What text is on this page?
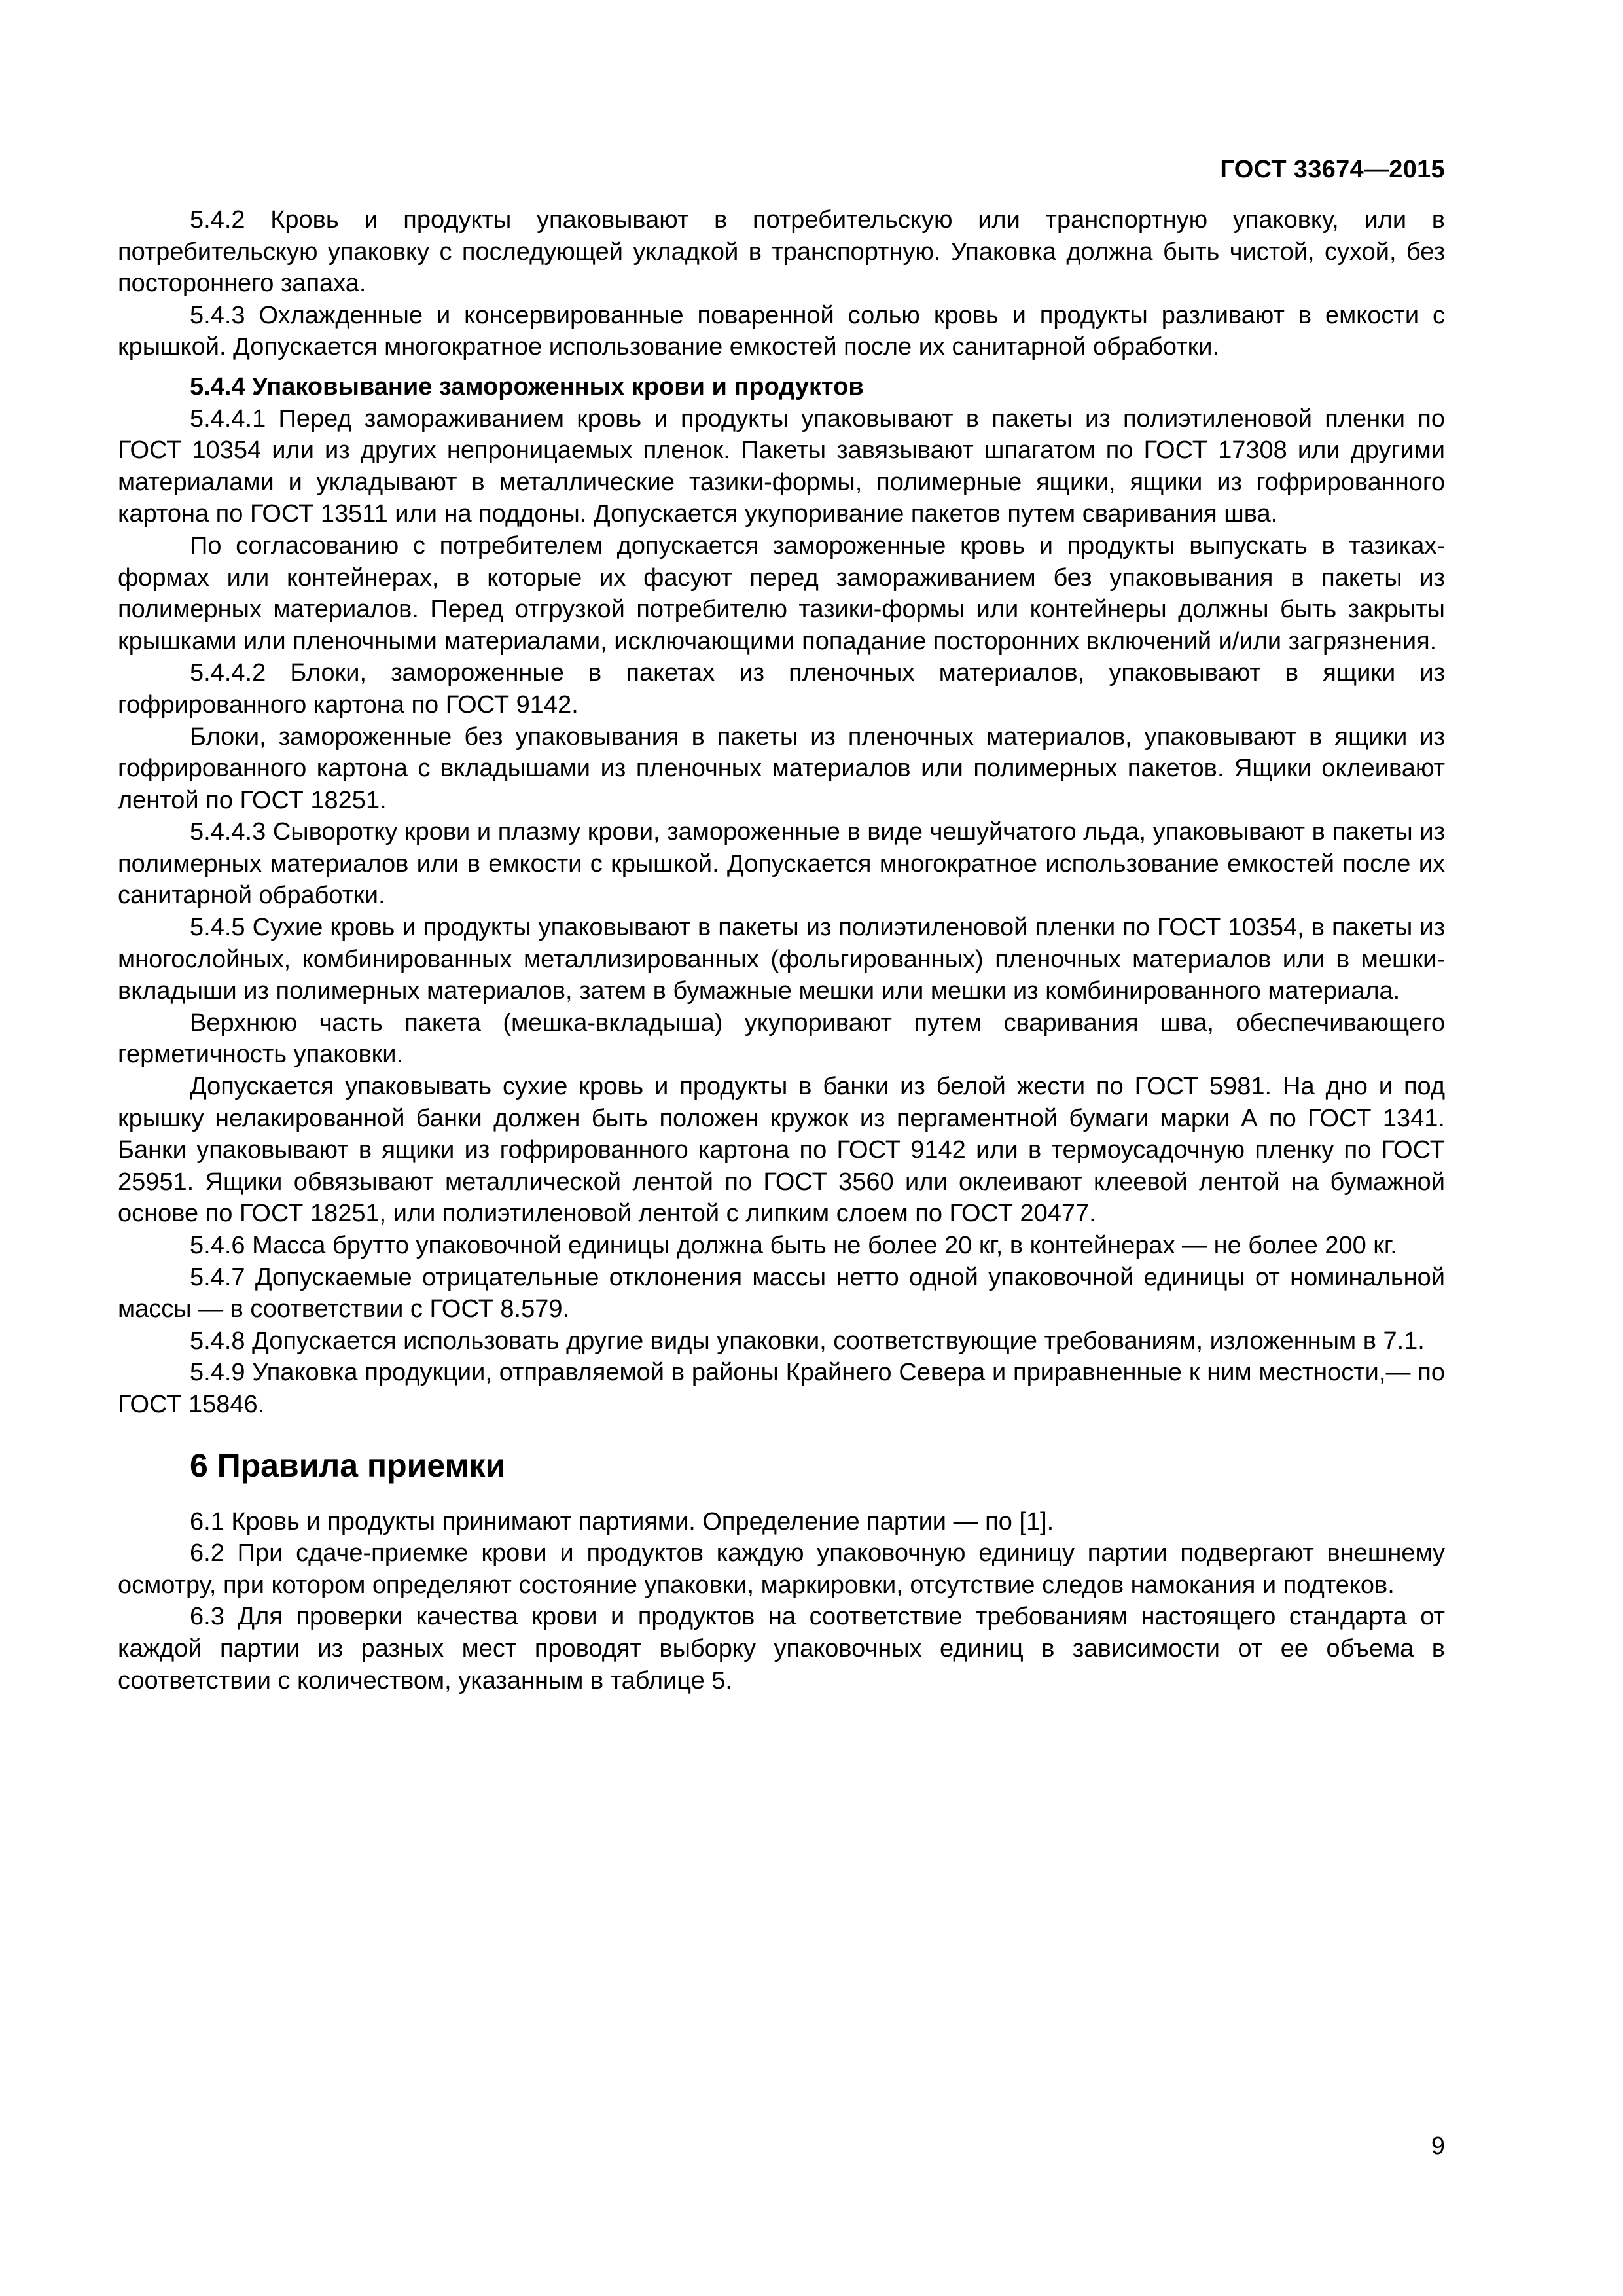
ГОСТ 33674—2015

5.4.2 Кровь и продукты упаковывают в потребительскую или транспортную упаковку, или в потребительскую упаковку с последующей укладкой в транспортную. Упаковка должна быть чистой, сухой, без постороннего запаха.

5.4.3 Охлажденные и консервированные поваренной солью кровь и продукты разливают в емкости с крышкой. Допускается многократное использование емкостей после их санитарной обработки.

5.4.4 Упаковывание замороженных крови и продуктов

5.4.4.1 Перед замораживанием кровь и продукты упаковывают в пакеты из полиэтиленовой пленки по ГОСТ 10354 или из других непроницаемых пленок. Пакеты завязывают шпагатом по ГОСТ 17308 или другими материалами и укладывают в металлические тазики-формы, полимерные ящики, ящики из гофрированного картона по ГОСТ 13511 или на поддоны. Допускается укупоривание пакетов путем сваривания шва.

По согласованию с потребителем допускается замороженные кровь и продукты выпускать в тазиках-формах или контейнерах, в которые их фасуют перед замораживанием без упаковывания в пакеты из полимерных материалов. Перед отгрузкой потребителю тазики-формы или контейнеры должны быть закрыты крышками или пленочными материалами, исключающими попадание посторонних включений и/или загрязнения.

5.4.4.2 Блоки, замороженные в пакетах из пленочных материалов, упаковывают в ящики из гофрированного картона по ГОСТ 9142.

Блоки, замороженные без упаковывания в пакеты из пленочных материалов, упаковывают в ящики из гофрированного картона с вкладышами из пленочных материалов или полимерных пакетов. Ящики оклеивают лентой по ГОСТ 18251.

5.4.4.3 Сыворотку крови и плазму крови, замороженные в виде чешуйчатого льда, упаковывают в пакеты из полимерных материалов или в емкости с крышкой. Допускается многократное использование емкостей после их санитарной обработки.

5.4.5 Сухие кровь и продукты упаковывают в пакеты из полиэтиленовой пленки по ГОСТ 10354, в пакеты из многослойных, комбинированных металлизированных (фольгированных) пленочных материалов или в мешки-вкладыши из полимерных материалов, затем в бумажные мешки или мешки из комбинированного материала.

Верхнюю часть пакета (мешка-вкладыша) укупоривают путем сваривания шва, обеспечивающего герметичность упаковки.

Допускается упаковывать сухие кровь и продукты в банки из белой жести по ГОСТ 5981. На дно и под крышку нелакированной банки должен быть положен кружок из пергаментной бумаги марки А по ГОСТ 1341. Банки упаковывают в ящики из гофрированного картона по ГОСТ 9142 или в термоусадочную пленку по ГОСТ 25951. Ящики обвязывают металлической лентой по ГОСТ 3560 или оклеивают клеевой лентой на бумажной основе по ГОСТ 18251, или полиэтиленовой лентой с липким слоем по ГОСТ 20477.

5.4.6 Масса брутто упаковочной единицы должна быть не более 20 кг, в контейнерах — не более 200 кг.

5.4.7 Допускаемые отрицательные отклонения массы нетто одной упаковочной единицы от номинальной массы — в соответствии с ГОСТ 8.579.

5.4.8 Допускается использовать другие виды упаковки, соответствующие требованиям, изложенным в 7.1.

5.4.9 Упаковка продукции, отправляемой в районы Крайнего Севера и приравненные к ним местности,— по ГОСТ 15846.

6 Правила приемки

6.1 Кровь и продукты принимают партиями. Определение партии — по [1].

6.2 При сдаче-приемке крови и продуктов каждую упаковочную единицу партии подвергают внешнему осмотру, при котором определяют состояние упаковки, маркировки, отсутствие следов намокания и подтеков.

6.3 Для проверки качества крови и продуктов на соответствие требованиям настоящего стандарта от каждой партии из разных мест проводят выборку упаковочных единиц в зависимости от ее объема в соответствии с количеством, указанным в таблице 5.

9
